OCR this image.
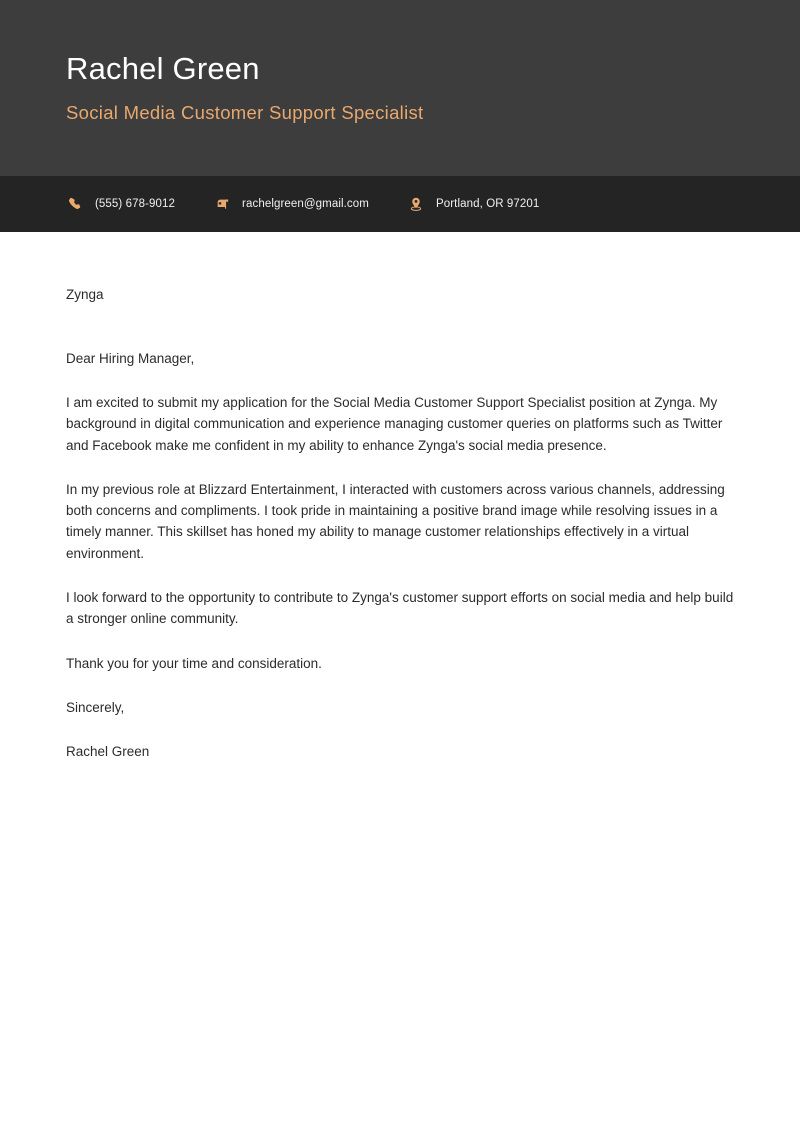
Rachel Green
Social Media Customer Support Specialist
(555) 678-9012	rachelgreen@gmail.com	Portland, OR 97201

Zynga

Dear Hiring Manager,

I am excited to submit my application for the Social Media Customer Support Specialist position at Zynga. My background in digital communication and experience managing customer queries on platforms such as Twitter and Facebook make me confident in my ability to enhance Zynga's social media presence.

In my previous role at Blizzard Entertainment, I interacted with customers across various channels, addressing both concerns and compliments. I took pride in maintaining a positive brand image while resolving issues in a timely manner. This skillset has honed my ability to manage customer relationships effectively in a virtual environment.

I look forward to the opportunity to contribute to Zynga's customer support efforts on social media and help build a stronger online community.

Thank you for your time and consideration.

Sincerely,

Rachel Green
